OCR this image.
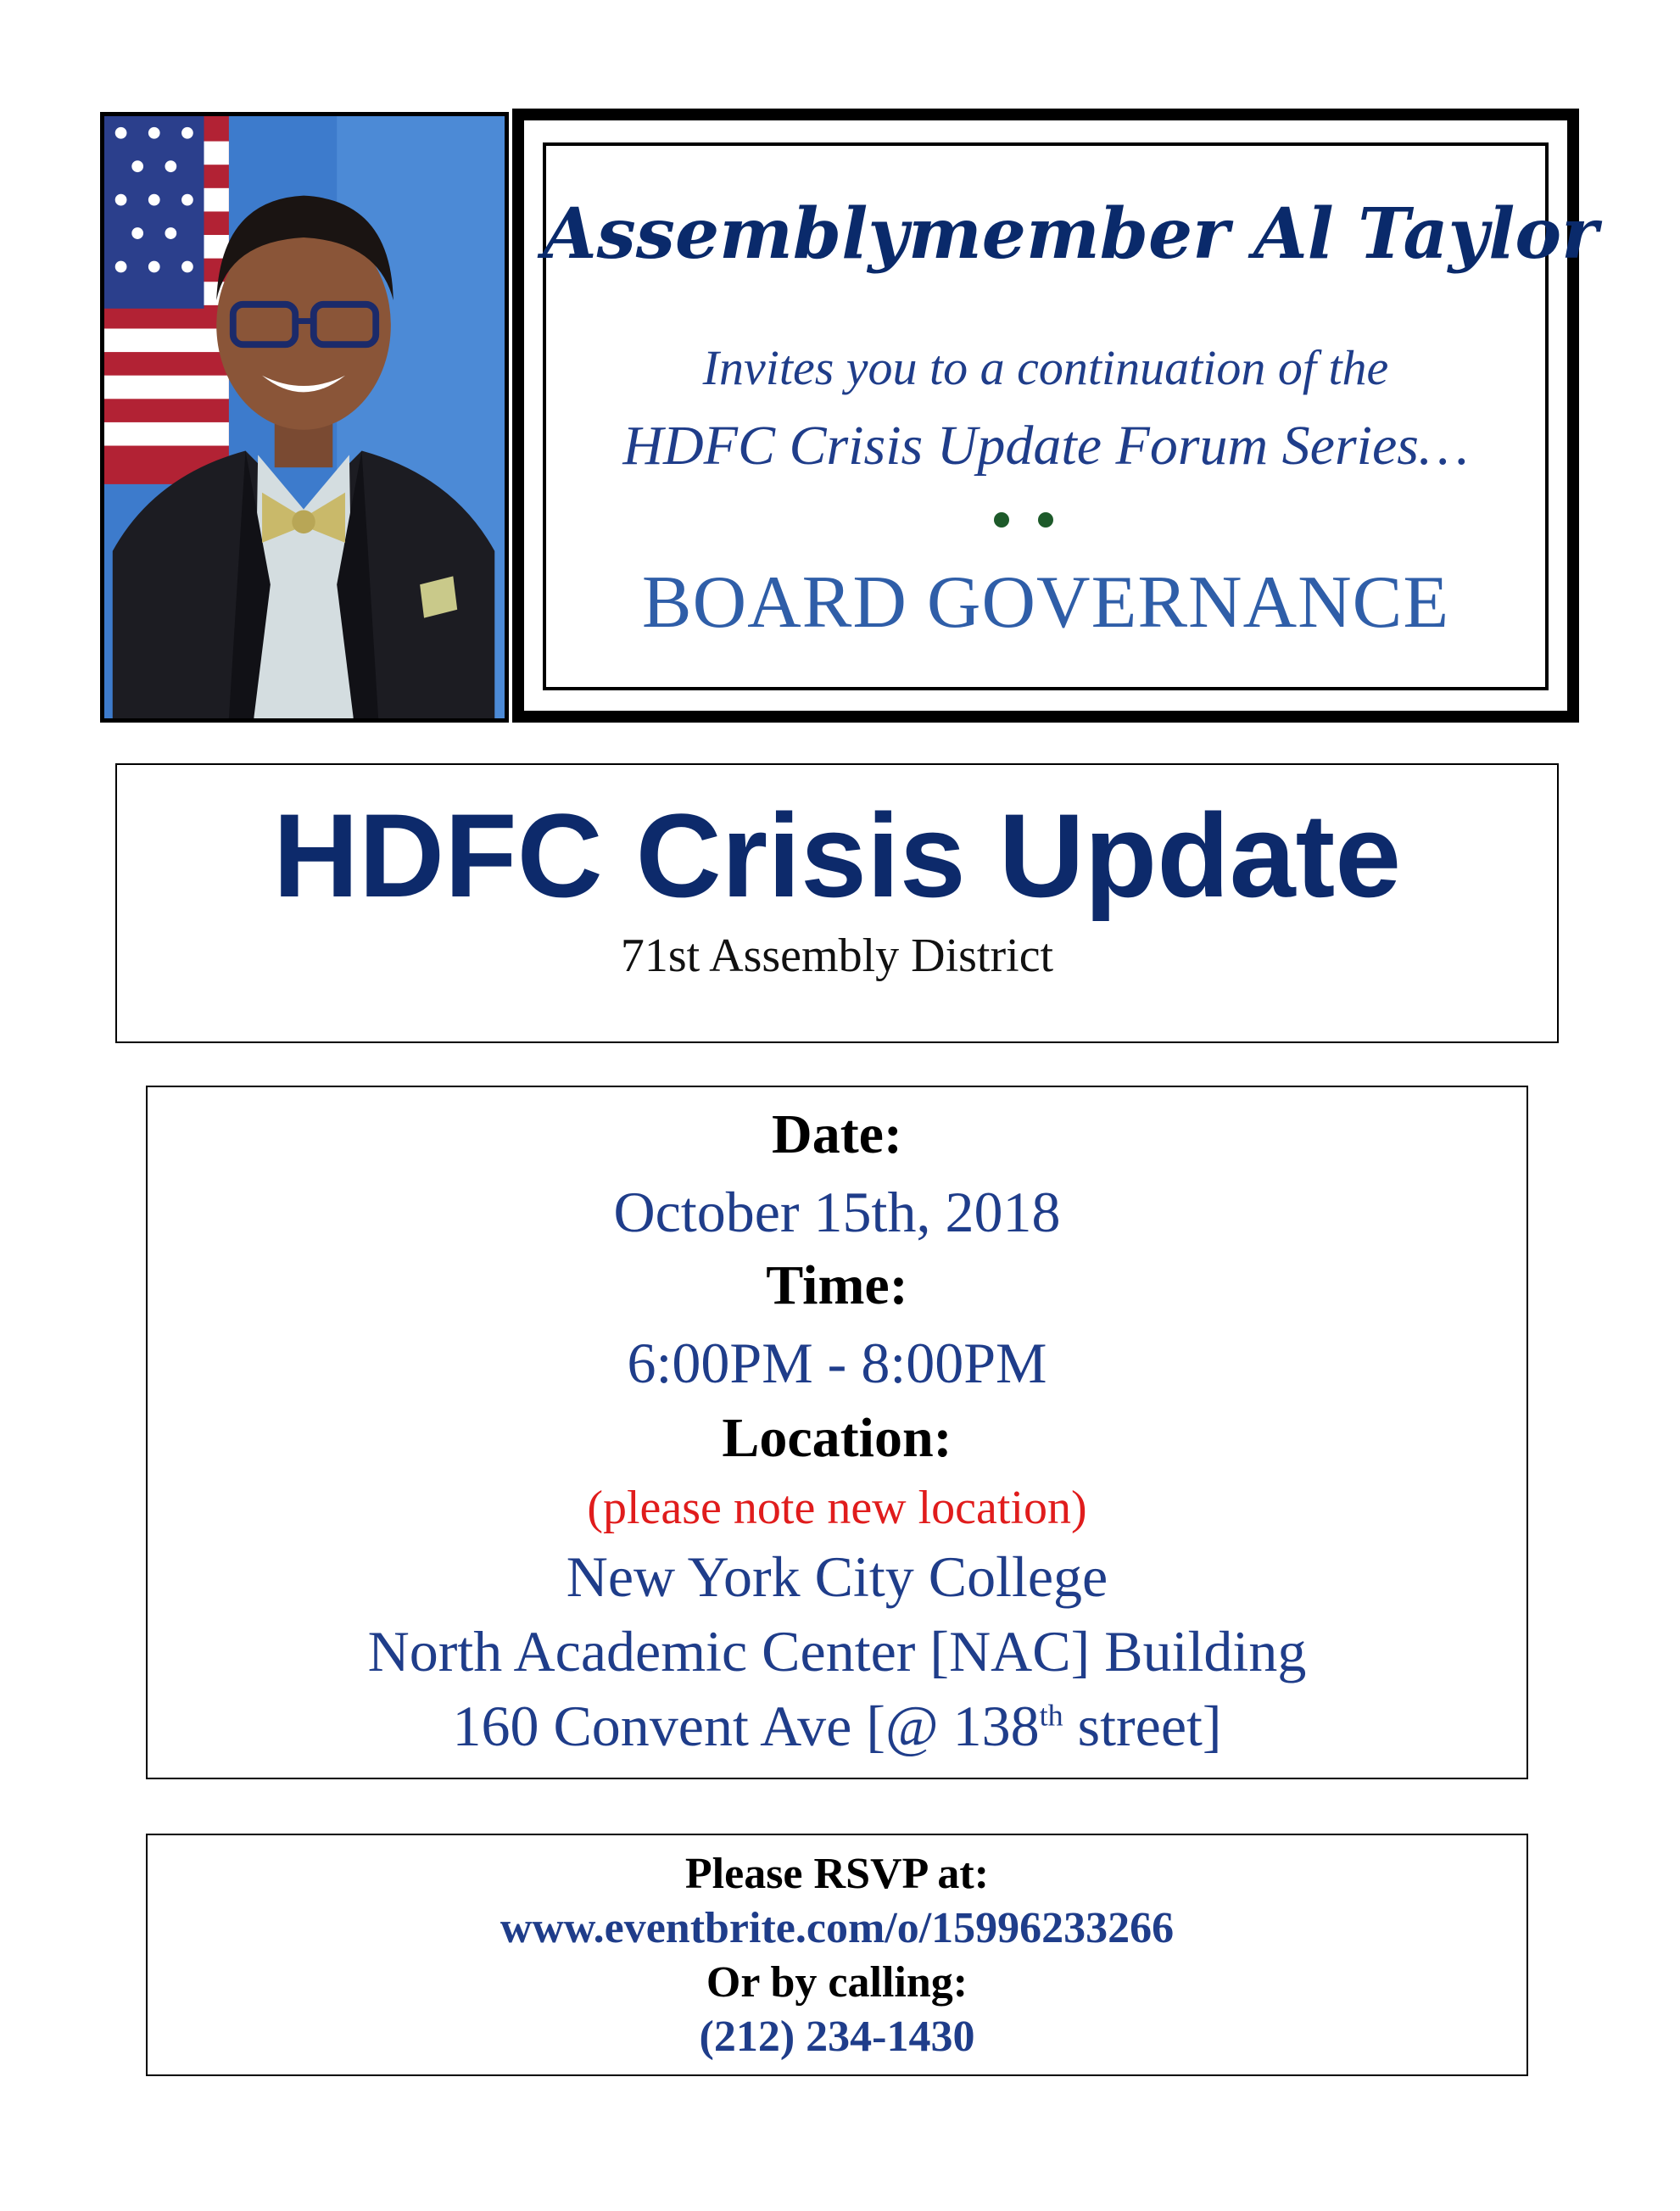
Assemblymember Al Taylor
Invites you to a continuation of the
HDFC Crisis Update Forum Series…
BOARD GOVERNANCE
HDFC Crisis Update
71st Assembly District
Date:
October 15th, 2018
Time:
6:00PM - 8:00PM
Location:
(please note new location)
New York City College
North Academic Center [NAC] Building
160 Convent Ave [@ 138th street]
Please RSVP at:
www.eventbrite.com/o/15996233266
Or by calling:
(212) 234-1430
